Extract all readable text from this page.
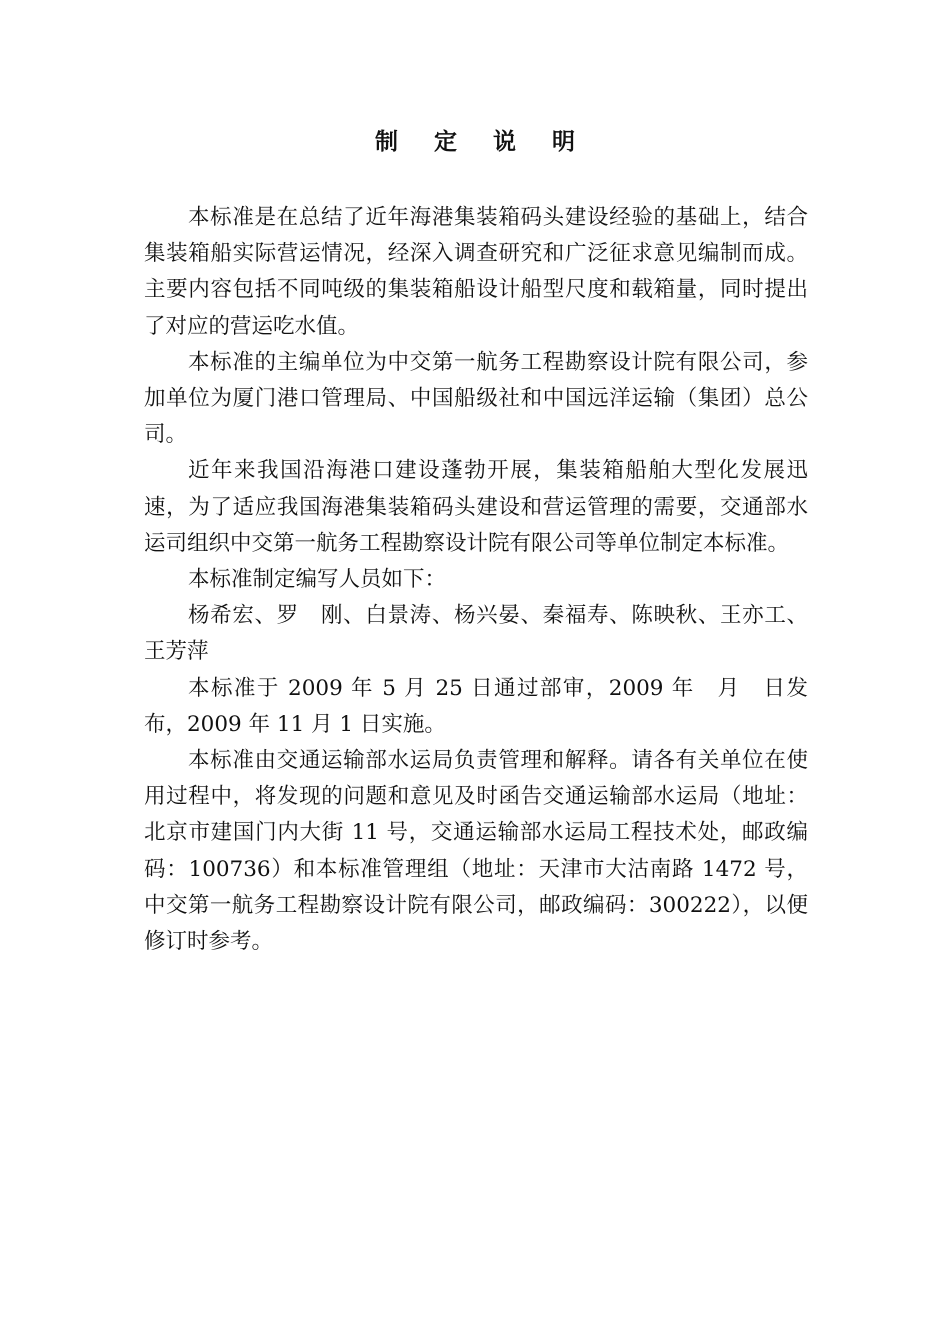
制 定 说 明

本标准是在总结了近年海港集装箱码头建设经验的基础上，结合集装箱船实际营运情况，经深入调查研究和广泛征求意见编制而成。主要内容包括不同吨级的集装箱船设计船型尺度和载箱量，同时提出了对应的营运吃水值。

本标准的主编单位为中交第一航务工程勘察设计院有限公司，参加单位为厦门港口管理局、中国船级社和中国远洋运输（集团）总公司。

近年来我国沿海港口建设蓬勃开展，集装箱船舶大型化发展迅速，为了适应我国海港集装箱码头建设和营运管理的需要，交通部水运司组织中交第一航务工程勘察设计院有限公司等单位制定本标准。

本标准制定编写人员如下：

杨希宏、罗　刚、白景涛、杨兴晏、秦福寿、陈映秋、王亦工、王芳萍

本标准于 2009 年 5 月 25 日通过部审，2009 年　月　日发布，2009 年 11 月 1 日实施。

本标准由交通运输部水运局负责管理和解释。请各有关单位在使用过程中，将发现的问题和意见及时函告交通运输部水运局（地址：北京市建国门内大街 11 号，交通运输部水运局工程技术处，邮政编码：100736）和本标准管理组（地址：天津市大沽南路 1472 号，中交第一航务工程勘察设计院有限公司，邮政编码：300222），以便修订时参考。
